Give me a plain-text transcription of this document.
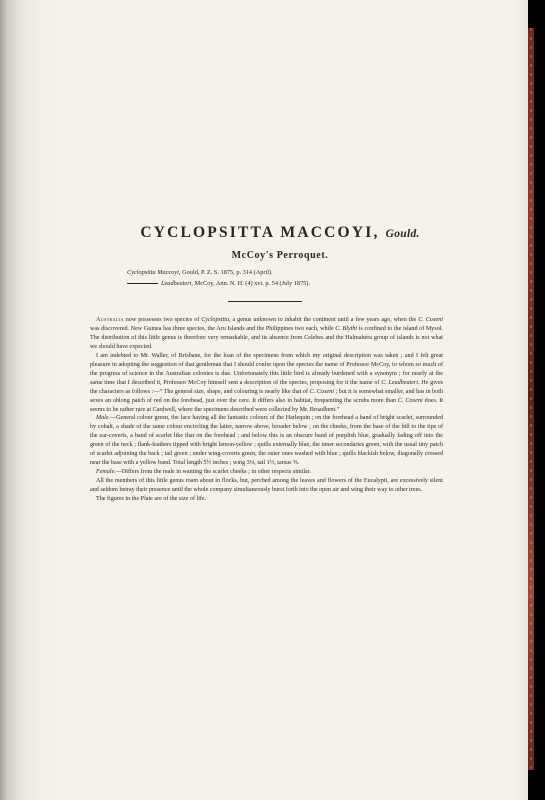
CYCLOPSITTA MACCOYI, Gould.
McCoy's Perroquet.
Cyclopsitta Maccoyi, Gould, P. Z. S. 1875, p. 314 (April).
Leadbeateri, McCoy, Ann. N. H. (4) xvi. p. 54 (July 1875).

Australia now possesses two species of Cyclopsitta, a genus unknown to inhabit the continent until a few years ago, when the C. Coxeni was discovered. New Guinea has three species, the Aru Islands and the Philippines two each, while C. Blythi is confined to the island of Mysol. The distribution of this little genus is therefore very remarkable, and its absence from Celebes and the Halmahéra group of islands is not what we should have expected.

I am indebted to Mr. Waller, of Brisbane, for the loan of the specimens from which my original description was taken ; and I felt great pleasure in adopting the suggestion of that gentleman that I should confer upon the species the name of Professor McCoy, to whom so much of the progress of science in the Australian colonies is due. Unfortunately this little bird is already burdened with a synonym ; for nearly at the same time that I described it, Professor McCoy himself sent a description of the species, proposing for it the name of C. Leadbeateri. He gives the characters as follows :—“ The general size, shape, and colouring is nearly like that of C. Coxeni ; but it is somewhat smaller, and has in both sexes an oblong patch of red on the forehead, just over the cere. It differs also in habitat, frequenting the scrubs more than C. Coxeni does. It seems to be rather rare at Cardwell, where the specimens described were collected by Mr. Broadbent.”

Male.—General colour green, the face having all the fantastic colours of the Harlequin ; on the forehead a band of bright scarlet, surrounded by cobalt, a shade of the same colour encircling the latter, narrow above, broader below ; on the cheeks, from the base of the bill to the tips of the ear-coverts, a band of scarlet like that on the forehead ; and below this is an obscure band of purplish blue, gradually fading off into the green of the neck ; flank-feathers tipped with bright lemon-yellow ; quills externally blue, the inner secondaries green, with the usual tiny patch of scarlet adjoining the back ; tail green ; under wing-coverts green, the outer ones washed with blue ; quills blackish below, diagonally crossed near the base with a yellow band. Total length 5½ inches ; wing 3⅛, tail 1½, tarsus ⅝.

Female.—Differs from the male in wanting the scarlet cheeks ; in other respects similar.

All the members of this little genus roam about in flocks, but, perched among the leaves and flowers of the Eucalypti, are excessively silent and seldom betray their presence until the whole company simultaneously burst forth into the open air and wing their way to other trees.

The figures in the Plate are of the size of life.
